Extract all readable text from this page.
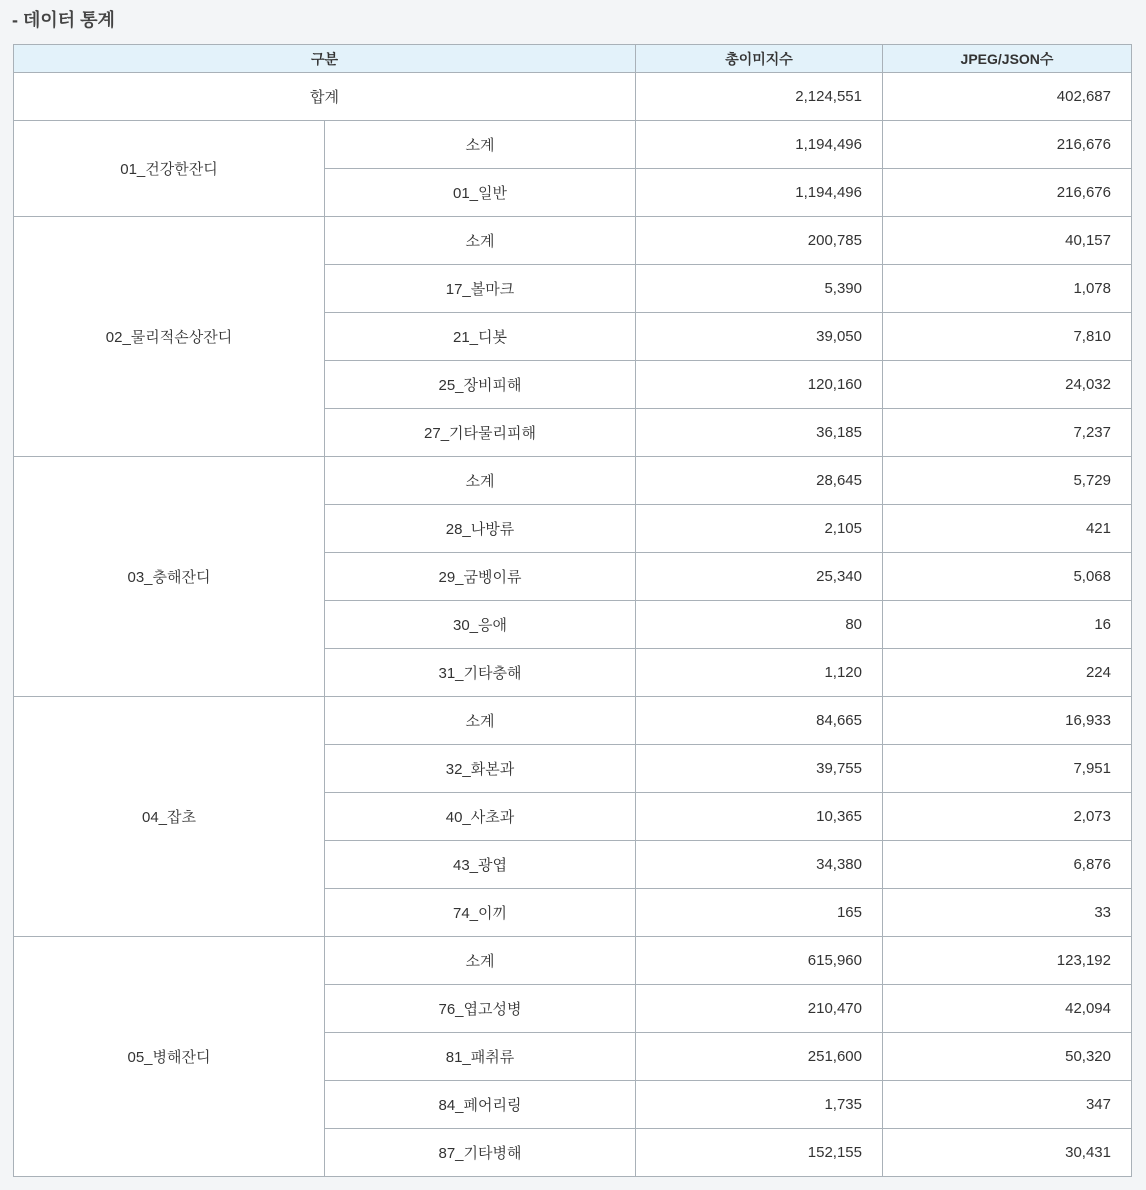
- 데이터 통계
구분		총이미지수	JPEG/JSON수
합계		2,124,551	402,687
01_건강한잔디	소계	1,194,496	216,676
	01_일반	1,194,496	216,676
02_물리적손상잔디	소계	200,785	40,157
	17_볼마크	5,390	1,078
	21_디봇	39,050	7,810
	25_장비피해	120,160	24,032
	27_기타물리피해	36,185	7,237
03_충해잔디	소계	28,645	5,729
	28_나방류	2,105	421
	29_굼벵이류	25,340	5,068
	30_응애	80	16
	31_기타충해	1,120	224
04_잡초	소계	84,665	16,933
	32_화본과	39,755	7,951
	40_사초과	10,365	2,073
	43_광엽	34,380	6,876
	74_이끼	165	33
05_병해잔디	소계	615,960	123,192
	76_엽고성병	210,470	42,094
	81_패취류	251,600	50,320
	84_페어리링	1,735	347
	87_기타병해	152,155	30,431
